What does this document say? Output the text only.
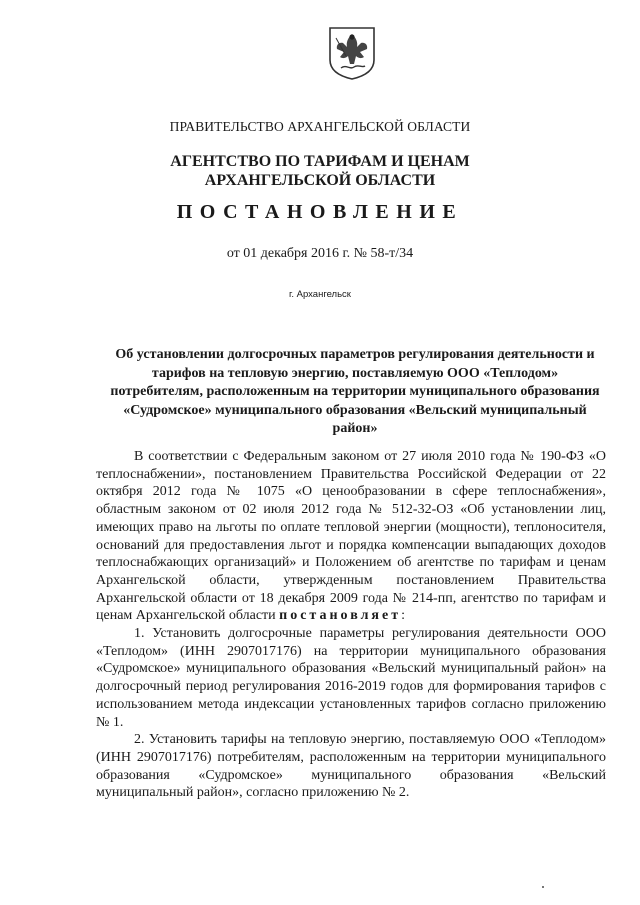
ПРАВИТЕЛЬСТВО АРХАНГЕЛЬСКОЙ ОБЛАСТИ
АГЕНТСТВО ПО ТАРИФАМ И ЦЕНАМ
АРХАНГЕЛЬСКОЙ ОБЛАСТИ
ПОСТАНОВЛЕНИЕ
от 01 декабря 2016 г. № 58-т/34
г. Архангельск
Об установлении долгосрочных параметров регулирования деятельности и тарифов на тепловую энергию, поставляемую ООО «Теплодом» потребителям, расположенным на территории муниципального образования «Судромское» муниципального образования «Вельский муниципальный район»

В соответствии с Федеральным законом от 27 июля 2010 года № 190-ФЗ «О теплоснабжении», постановлением Правительства Российской Федерации от 22 октября 2012 года № 1075 «О ценообразовании в сфере теплоснабжения», областным законом от 02 июля 2012 года № 512-32-ОЗ «Об установлении лиц, имеющих право на льготы по оплате тепловой энергии (мощности), теплоносителя, оснований для предоставления льгот и порядка компенсации выпадающих доходов теплоснабжающих организаций» и Положением об агентстве по тарифам и ценам Архангельской области, утвержденным постановлением Правительства Архангельской области от 18 декабря 2009 года № 214-пп, агентство по тарифам и ценам Архангельской области постановляет:

1. Установить долгосрочные параметры регулирования деятельности ООО «Теплодом» (ИНН 2907017176) на территории муниципального образования «Судромское» муниципального образования «Вельский муниципальный район» на долгосрочный период регулирования 2016-2019 годов для формирования тарифов с использованием метода индексации установленных тарифов согласно приложению № 1.

2. Установить тарифы на тепловую энергию, поставляемую ООО «Теплодом» (ИНН 2907017176) потребителям, расположенным на территории муниципального образования «Судромское» муниципального образования «Вельский муниципальный район», согласно приложению № 2.
